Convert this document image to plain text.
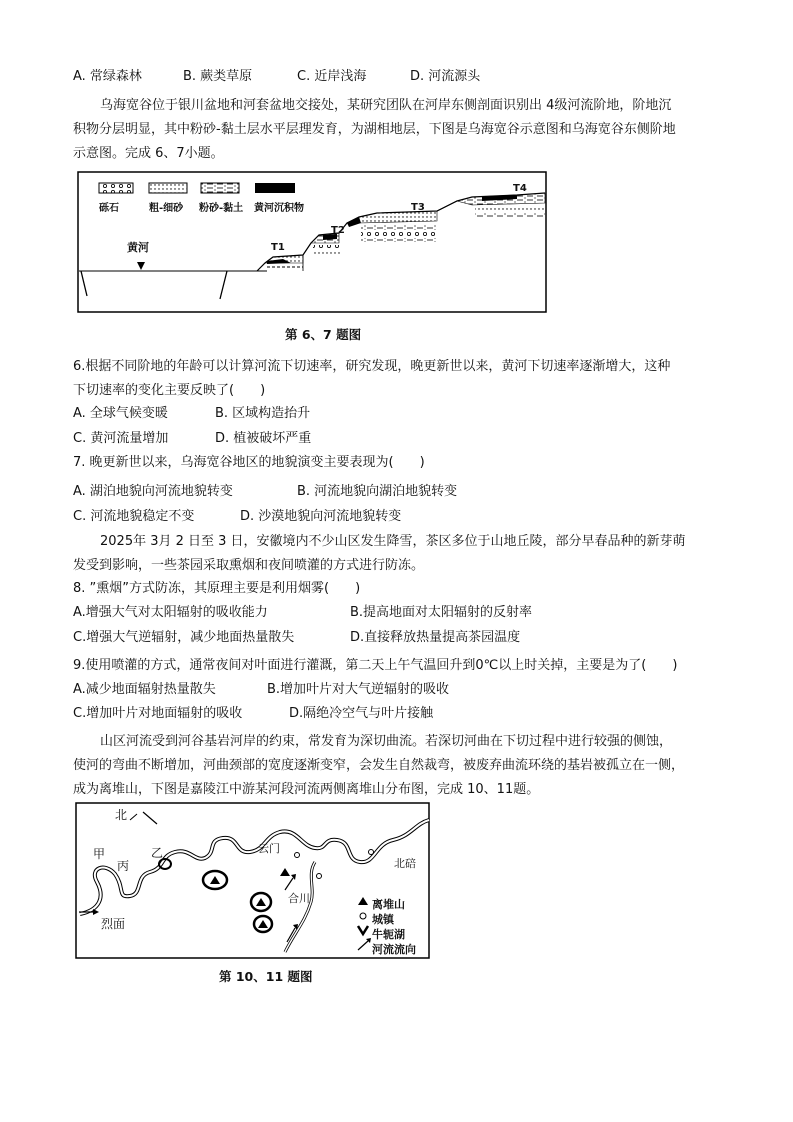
A. 常绿森林	B. 蕨类草原	C. 近岸浅海	D. 河流源头
乌海宽谷位于银川盆地和河套盆地交接处，某研究团队在河岸东侧剖面识别出 4级河流阶地，阶地沉
积物分层明显，其中粉砂-黏土层水平层理发育，为湖相地层，下图是乌海宽谷示意图和乌海宽谷东侧阶地
示意图。完成 6、7小题。
砾石	粗-细砂 粉砂-黏土 黄河沉积物
黄河	T1
T2
T3
T4
第 6、7 题图
6.根据不同阶地的年龄可以计算河流下切速率，研究发现，晚更新世以来，黄河下切速率逐渐增大，这种
下切速率的变化主要反映了(　　)
A. 全球气候变暖	B. 区域构造抬升
C. 黄河流量增加	D. 植被破坏严重
7. 晚更新世以来，乌海宽谷地区的地貌演变主要表现为(　　)
A. 湖泊地貌向河流地貌转变	B. 河流地貌向湖泊地貌转变
C. 河流地貌稳定不变	D. 沙漠地貌向河流地貌转变
2025年 3月 2 日至 3 日，安徽境内不少山区发生降雪，茶区多位于山地丘陵，部分早春品种的新芽萌
发受到影响，一些茶园采取熏烟和夜间喷灌的方式进行防冻。
8. ”熏烟”方式防冻，其原理主要是利用烟雾(　　)
A.增强大气对太阳辐射的吸收能力	B.提高地面对太阳辐射的反射率
C.增强大气逆辐射，减少地面热量散失	D.直接释放热量提高茶园温度
9.使用喷灌的方式，通常夜间对叶面进行灌溉，第二天上午气温回升到0℃以上时关掉，主要是为了(　　)
A.减少地面辐射热量散失	B.增加叶片对大气逆辐射的吸收
C.增加叶片对地面辐射的吸收	D.隔绝冷空气与叶片接触
山区河流受到河谷基岩河岸的约束，常发育为深切曲流。若深切河曲在下切过程中进行较强的侧蚀，
使河的弯曲不断增加，河曲颈部的宽度逐渐变窄，会发生自然裁弯，被废弃曲流环绕的基岩被孤立在一侧，
成为离堆山，下图是嘉陵江中游某河段河流两侧离堆山分布图，完成 10、11题。
北
甲
丙
乙	云门
北碚
合川
烈面
离堆山
城镇
牛轭湖
河流流向
第 10、11 题图
